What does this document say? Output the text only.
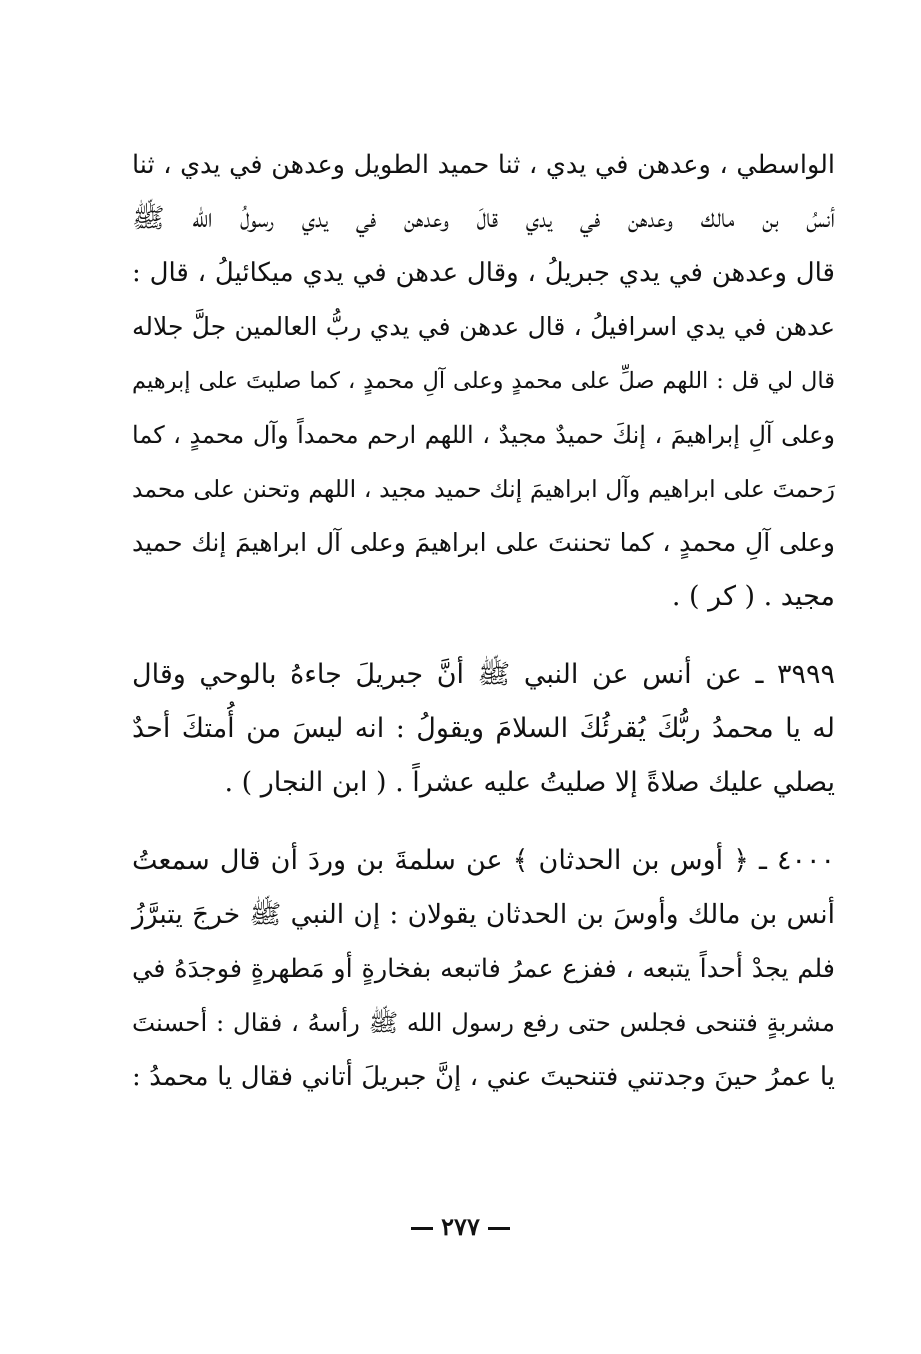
الواسطي ، وعدهن في يدي ، ثنا حميد الطويل وعدهن في يدي ، ثنا
أنسُ بن مالك وعدهن في يدي قالَ وعدهن في يدي رسولُ الله ﷺ
قال وعدهن في يدي جبريلُ ، وقال عدهن في يدي ميكائيلُ ، قال :
عدهن في يدي اسرافيلُ ، قال عدهن في يدي ربُّ العالمين جلَّ جلاله
قال لي قل : اللهم صلِّ على محمدٍ وعلى آلِ محمدٍ ، كما صليتَ على إبرهيم
وعلى آلِ إبراهيمَ ، إنكَ حميدٌ مجيدٌ ، اللهم ارحم محمداً وآل محمدٍ ، كما
رَحمتَ على ابراهيم وآل ابراهيمَ إنك حميد مجيد ، اللهم وتحنن على محمد
وعلى آلِ محمدٍ ، كما تحننتَ على ابراهيمَ وعلى آل ابراهيمَ إنك حميد
مجيد . ( كر ) .
٣٩٩٩ ـ عن أنس عن النبي ﷺ أنَّ جبريلَ جاءهُ بالوحي وقال
له يا محمدُ ربُّكَ يُقرئُكَ السلامَ ويقولُ : انه ليسَ من أُمتكَ أحدٌ
يصلي عليك صلاةً إلا صليتُ عليه عشراً . ( ابن النجار ) .
٤٠٠٠ ـ ﴿ أوس بن الحدثان ﴾ عن سلمةَ بن وردَ أن قال سمعتُ
أنس بن مالك وأوسَ بن الحدثان يقولان : إن النبي ﷺ خرجَ يتبرَّزُ
فلم يجدْ أحداً يتبعه ، ففزع عمرُ فاتبعه بفخارةٍ أو مَطهرةٍ فوجدَهُ في
مشربةٍ فتنحى فجلس حتى رفع رسول الله ﷺ رأسهُ ، فقال : أحسنتَ
يا عمرُ حينَ وجدتني فتنحيتَ عني ، إنَّ جبريلَ أتاني فقال يا محمدُ :
٢٧٧
